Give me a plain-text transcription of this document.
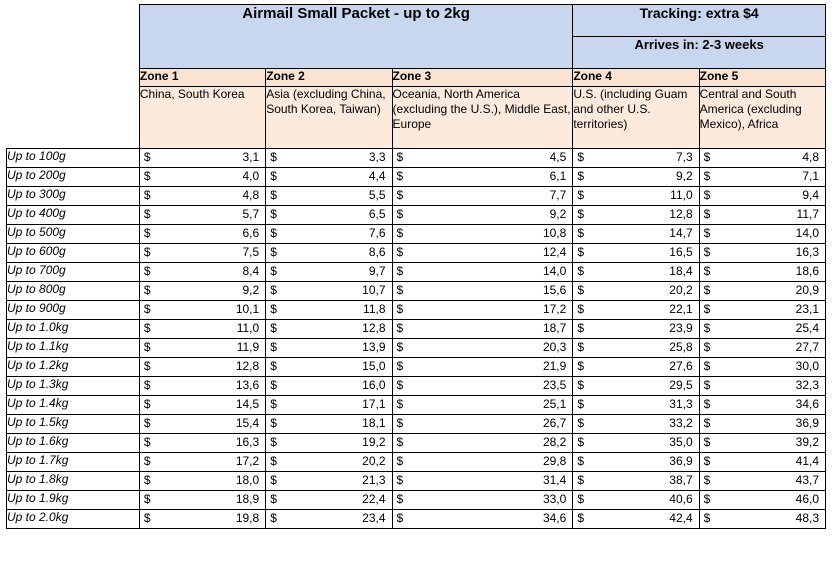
	Airmail Small Packet - up to 2kg			Tracking: extra $4	
				Arrives in: 2-3 weeks	
	Zone 1	Zone 2	Zone 3	Zone 4	Zone 5
	China, South Korea	Asia (excluding China, South Korea, Taiwan)	Oceania, North America (excluding the U.S.), Middle East, Europe	U.S. (including Guam and other U.S. territories)	Central and South America (excluding Mexico), Africa
Up to 100g	$ 3,1	$ 3,3	$ 4,5	$ 7,3	$ 4,8

Up to 200g	$ 4,0	$ 4,4	$ 6,1	$ 9,2	$ 7,1

Up to 300g	$ 4,8	$ 5,5	$ 7,7	$ 11,0	$ 9,4

Up to 400g	$ 5,7	$ 6,5	$ 9,2	$ 12,8	$ 11,7

Up to 500g	$ 6,6	$ 7,6	$ 10,8	$ 14,7	$ 14,0

Up to 600g	$ 7,5	$ 8,6	$ 12,4	$ 16,5	$ 16,3

Up to 700g	$ 8,4	$ 9,7	$ 14,0	$ 18,4	$ 18,6

Up to 800g	$ 9,2	$ 10,7	$ 15,6	$ 20,2	$ 20,9

Up to 900g	$ 10,1	$ 11,8	$ 17,2	$ 22,1	$ 23,1

Up to 1.0kg	$ 11,0	$ 12,8	$ 18,7	$ 23,9	$ 25,4

Up to 1.1kg	$ 11,9	$ 13,9	$ 20,3	$ 25,8	$ 27,7

Up to 1.2kg	$ 12,8	$ 15,0	$ 21,9	$ 27,6	$ 30,0

Up to 1.3kg	$ 13,6	$ 16,0	$ 23,5	$ 29,5	$ 32,3

Up to 1.4kg	$ 14,5	$ 17,1	$ 25,1	$ 31,3	$ 34,6

Up to 1.5kg	$ 15,4	$ 18,1	$ 26,7	$ 33,2	$ 36,9

Up to 1.6kg	$ 16,3	$ 19,2	$ 28,2	$ 35,0	$ 39,2

Up to 1.7kg	$ 17,2	$ 20,2	$ 29,8	$ 36,9	$ 41,4

Up to 1.8kg	$ 18,0	$ 21,3	$ 31,4	$ 38,7	$ 43,7

Up to 1.9kg	$ 18,9	$ 22,4	$ 33,0	$ 40,6	$ 46,0

Up to 2.0kg	$ 19,8	$ 23,4	$ 34,6	$ 42,4	$ 48,3
